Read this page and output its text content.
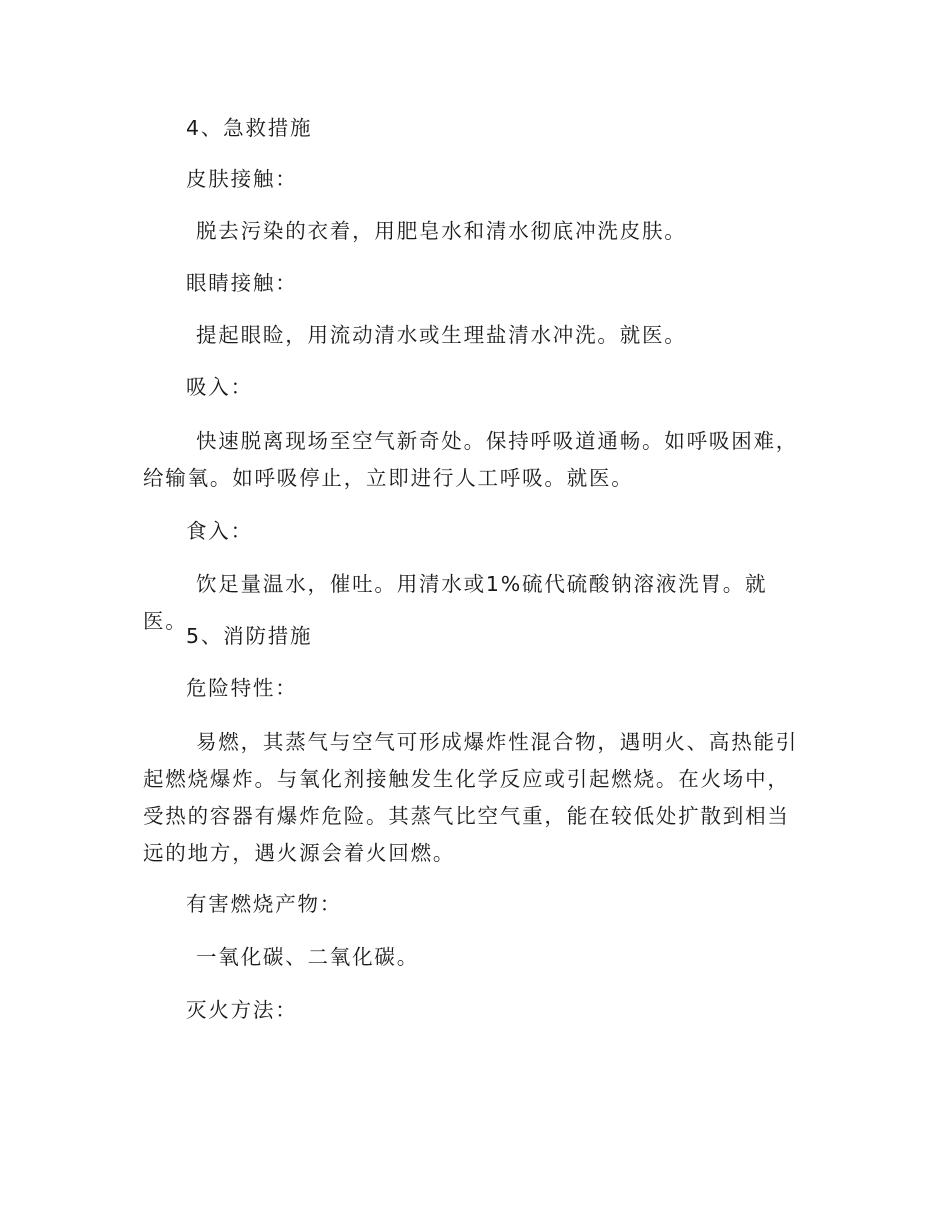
4、急救措施

皮肤接触：

脱去污染的衣着，用肥皂水和清水彻底冲洗皮肤。

眼睛接触：

提起眼睑，用流动清水或生理盐清水冲洗。就医。

吸入：

快速脱离现场至空气新奇处。保持呼吸道通畅。如呼吸困难，给输氧。如呼吸停止，立即进行人工呼吸。就医。

食入：

饮足量温水，催吐。用清水或1%硫代硫酸钠溶液洗胃。就医。

5、消防措施

危险特性：

易燃，其蒸气与空气可形成爆炸性混合物，遇明火、高热能引起燃烧爆炸。与氧化剂接触发生化学反应或引起燃烧。在火场中，受热的容器有爆炸危险。其蒸气比空气重，能在较低处扩散到相当远的地方，遇火源会着火回燃。

有害燃烧产物：

一氧化碳、二氧化碳。

灭火方法：
